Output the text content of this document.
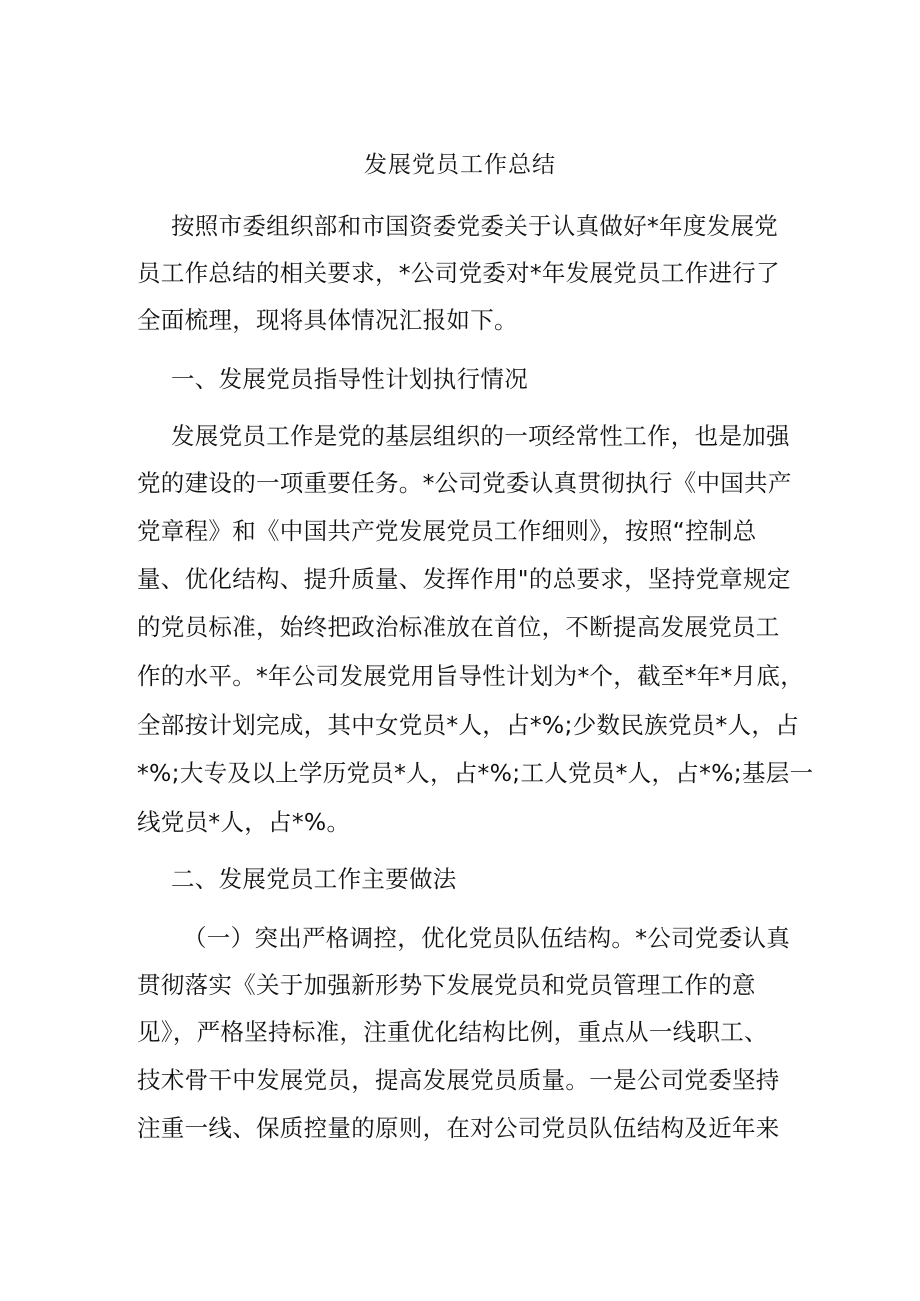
发展党员工作总结
按照市委组织部和市国资委党委关于认真做好*年度发展党
员工作总结的相关要求，*公司党委对*年发展党员工作进行了
全面梳理，现将具体情况汇报如下。
一、发展党员指导性计划执行情况
发展党员工作是党的基层组织的一项经常性工作，也是加强
党的建设的一项重要任务。*公司党委认真贯彻执行《中国共产
党章程》和《中国共产党发展党员工作细则》，按照“控制总
量、优化结构、提升质量、发挥作用"的总要求，坚持党章规定
的党员标准，始终把政治标准放在首位，不断提高发展党员工
作的水平。*年公司发展党用旨导性计划为*个，截至*年*月底，
全部按计划完成，其中女党员*人，占*%;少数民族党员*人，占
*%;大专及以上学历党员*人，占*%;工人党员*人，占*%;基层一
线党员*人，占*%。
二、发展党员工作主要做法
（一）突出严格调控，优化党员队伍结构。*公司党委认真
贯彻落实《关于加强新形势下发展党员和党员管理工作的意
见》，严格坚持标准，注重优化结构比例，重点从一线职工、
技术骨干中发展党员，提高发展党员质量。一是公司党委坚持
注重一线、保质控量的原则，在对公司党员队伍结构及近年来
